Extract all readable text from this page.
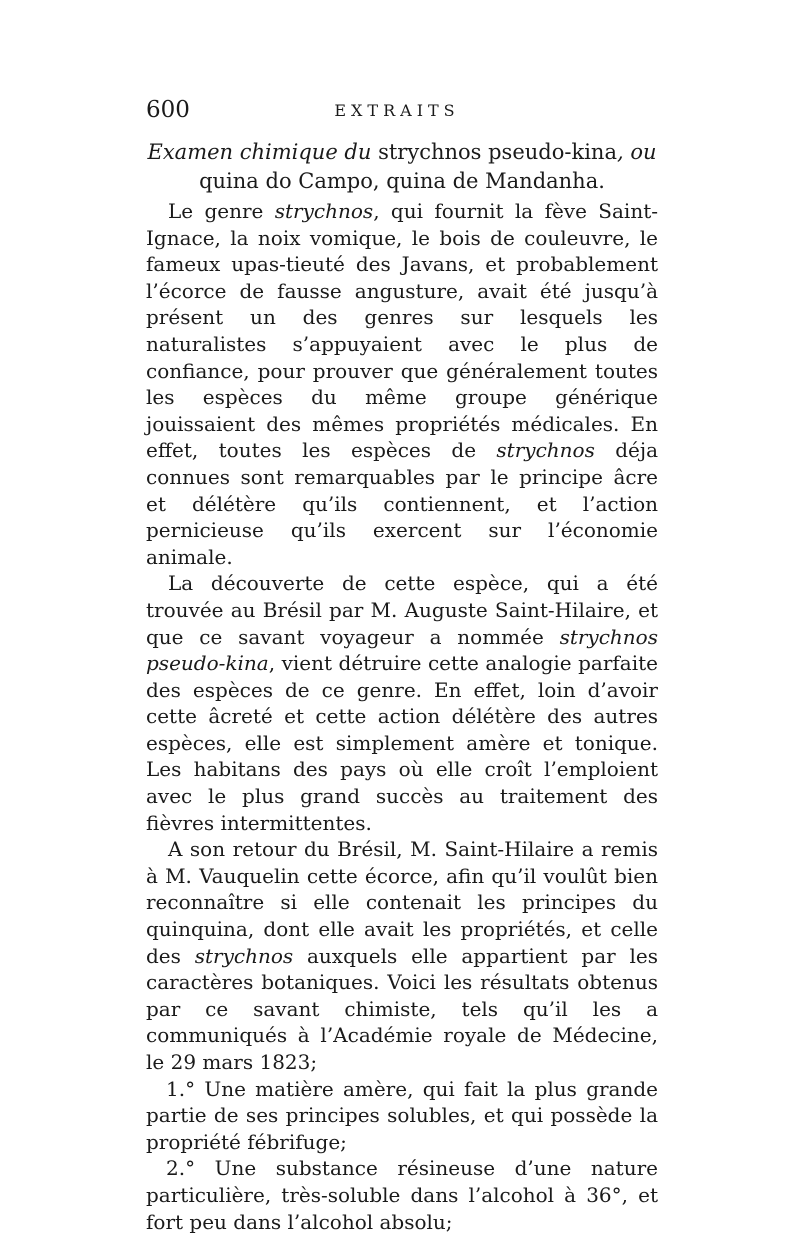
600	EXTRAITS
Examen chimique du strychnos pseudo-kina, ou quina do Campo, quina de Mandanha.

Le genre strychnos, qui fournit la fève Saint-Ignace, la noix vomique, le bois de couleuvre, le fameux upas-tieuté des Javans, et probablement l’écorce de fausse angusture, avait été jusqu’à présent un des genres sur lesquels les naturalistes s’appuyaient avec le plus de confiance, pour prouver que généralement toutes les espèces du même groupe générique jouissaient des mêmes propriétés médicales. En effet, toutes les espèces de strychnos déja connues sont remarquables par le principe âcre et délétère qu’ils contiennent, et l’action pernicieuse qu’ils exercent sur l’économie animale.

La découverte de cette espèce, qui a été trouvée au Brésil par M. Auguste Saint-Hilaire, et que ce savant voyageur a nommée strychnos pseudo-kina, vient détruire cette analogie parfaite des espèces de ce genre. En effet, loin d’avoir cette âcreté et cette action délétère des autres espèces, elle est simplement amère et tonique. Les habitans des pays où elle croît l’emploient avec le plus grand succès au traitement des fièvres intermittentes.

A son retour du Brésil, M. Saint-Hilaire a remis à M. Vauquelin cette écorce, afin qu’il voulût bien reconnaître si elle contenait les principes du quinquina, dont elle avait les propriétés, et celle des strychnos auxquels elle appartient par les caractères botaniques. Voici les résultats obtenus par ce savant chimiste, tels qu’il les a communiqués à l’Académie royale de Médecine, le 29 mars 1823;

1.° Une matière amère, qui fait la plus grande partie de ses principes solubles, et qui possède la propriété fébrifuge;

2.° Une substance résineuse d’une nature particulière, très-soluble dans l’alcohol à 36°, et fort peu dans l’alcohol absolu;
